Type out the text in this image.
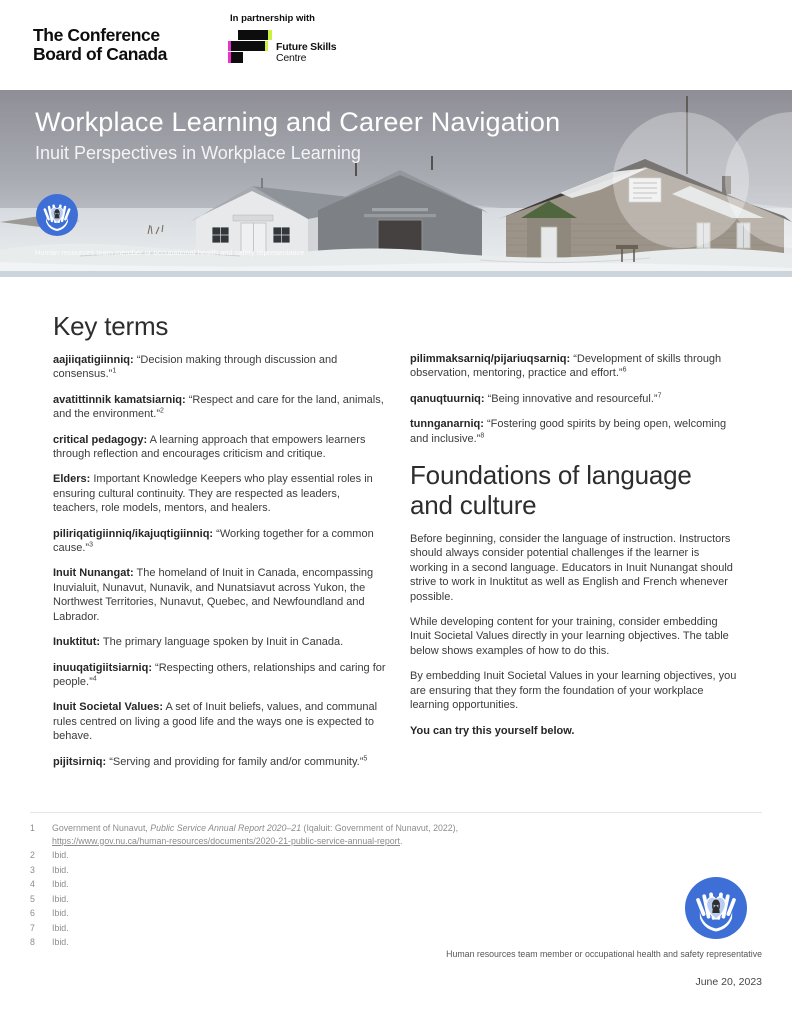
The Conference
Board of Canada
In partnership with
Future Skills
Centre
Workplace Learning and Career Navigation
Inuit Perspectives in Workplace Learning
Human resources team member or occupational health and safety representative
Key terms

aajiiqatigiinniq: “Decision making through discussion and consensus.”$^1$

avatittinnik kamatsiarniq: “Respect and care for the land, animals, and the environment.”$^2$

critical pedagogy: A learning approach that empowers learners through reflection and encourages criticism and critique.

Elders: Important Knowledge Keepers who play essential roles in ensuring cultural continuity. They are respected as leaders, teachers, role models, mentors, and healers.

piliriqatigiinniq/ikajuqtigiinniq: “Working together for a common cause.”$^3$

Inuit Nunangat: The homeland of Inuit in Canada, encompassing Inuvialuit, Nunavut, Nunavik, and Nunatsiavut across Yukon, the Northwest Territories, Nunavut, Quebec, and Newfoundland and Labrador.

Inuktitut: The primary language spoken by Inuit in Canada.

inuuqatigiitsiarniq: “Respecting others, relationships and caring for people.”$^4$

Inuit Societal Values: A set of Inuit beliefs, values, and communal rules centred on living a good life and the ways one is expected to behave.

pijitsirniq: “Serving and providing for family and/or community.”$^5$

pilimmaksarniq/pijariuqsarniq: “Development of skills through observation, mentoring, practice and effort.”$^6$

qanuqtuurniq: “Being innovative and resourceful.”$^7$

tunnganarniq: “Fostering good spirits by being open, welcoming and inclusive.”$^8$

Foundations of language
and culture

Before beginning, consider the language of instruction. Instructors should always consider potential challenges if the learner is working in a second language. Educators in Inuit Nunangat should strive to work in Inuktitut as well as English and French whenever possible.

While developing content for your training, consider embedding Inuit Societal Values directly in your learning objectives. The table below shows examples of how to do this.

By embedding Inuit Societal Values in your learning objectives, you are ensuring that they form the foundation of your workplace learning opportunities.

You can try this yourself below.

1	Government of Nunavut, Public Service Annual Report 2020–21 (Iqaluit: Government of Nunavut, 2022),
https://www.gov.nu.ca/human-resources/documents/2020-21-public-service-annual-report.
2	Ibid.
3	Ibid.
4	Ibid.
5	Ibid.
6	Ibid.
7	Ibid.
8	Ibid.
Human resources team member or occupational health and safety representative
June 20, 2023
